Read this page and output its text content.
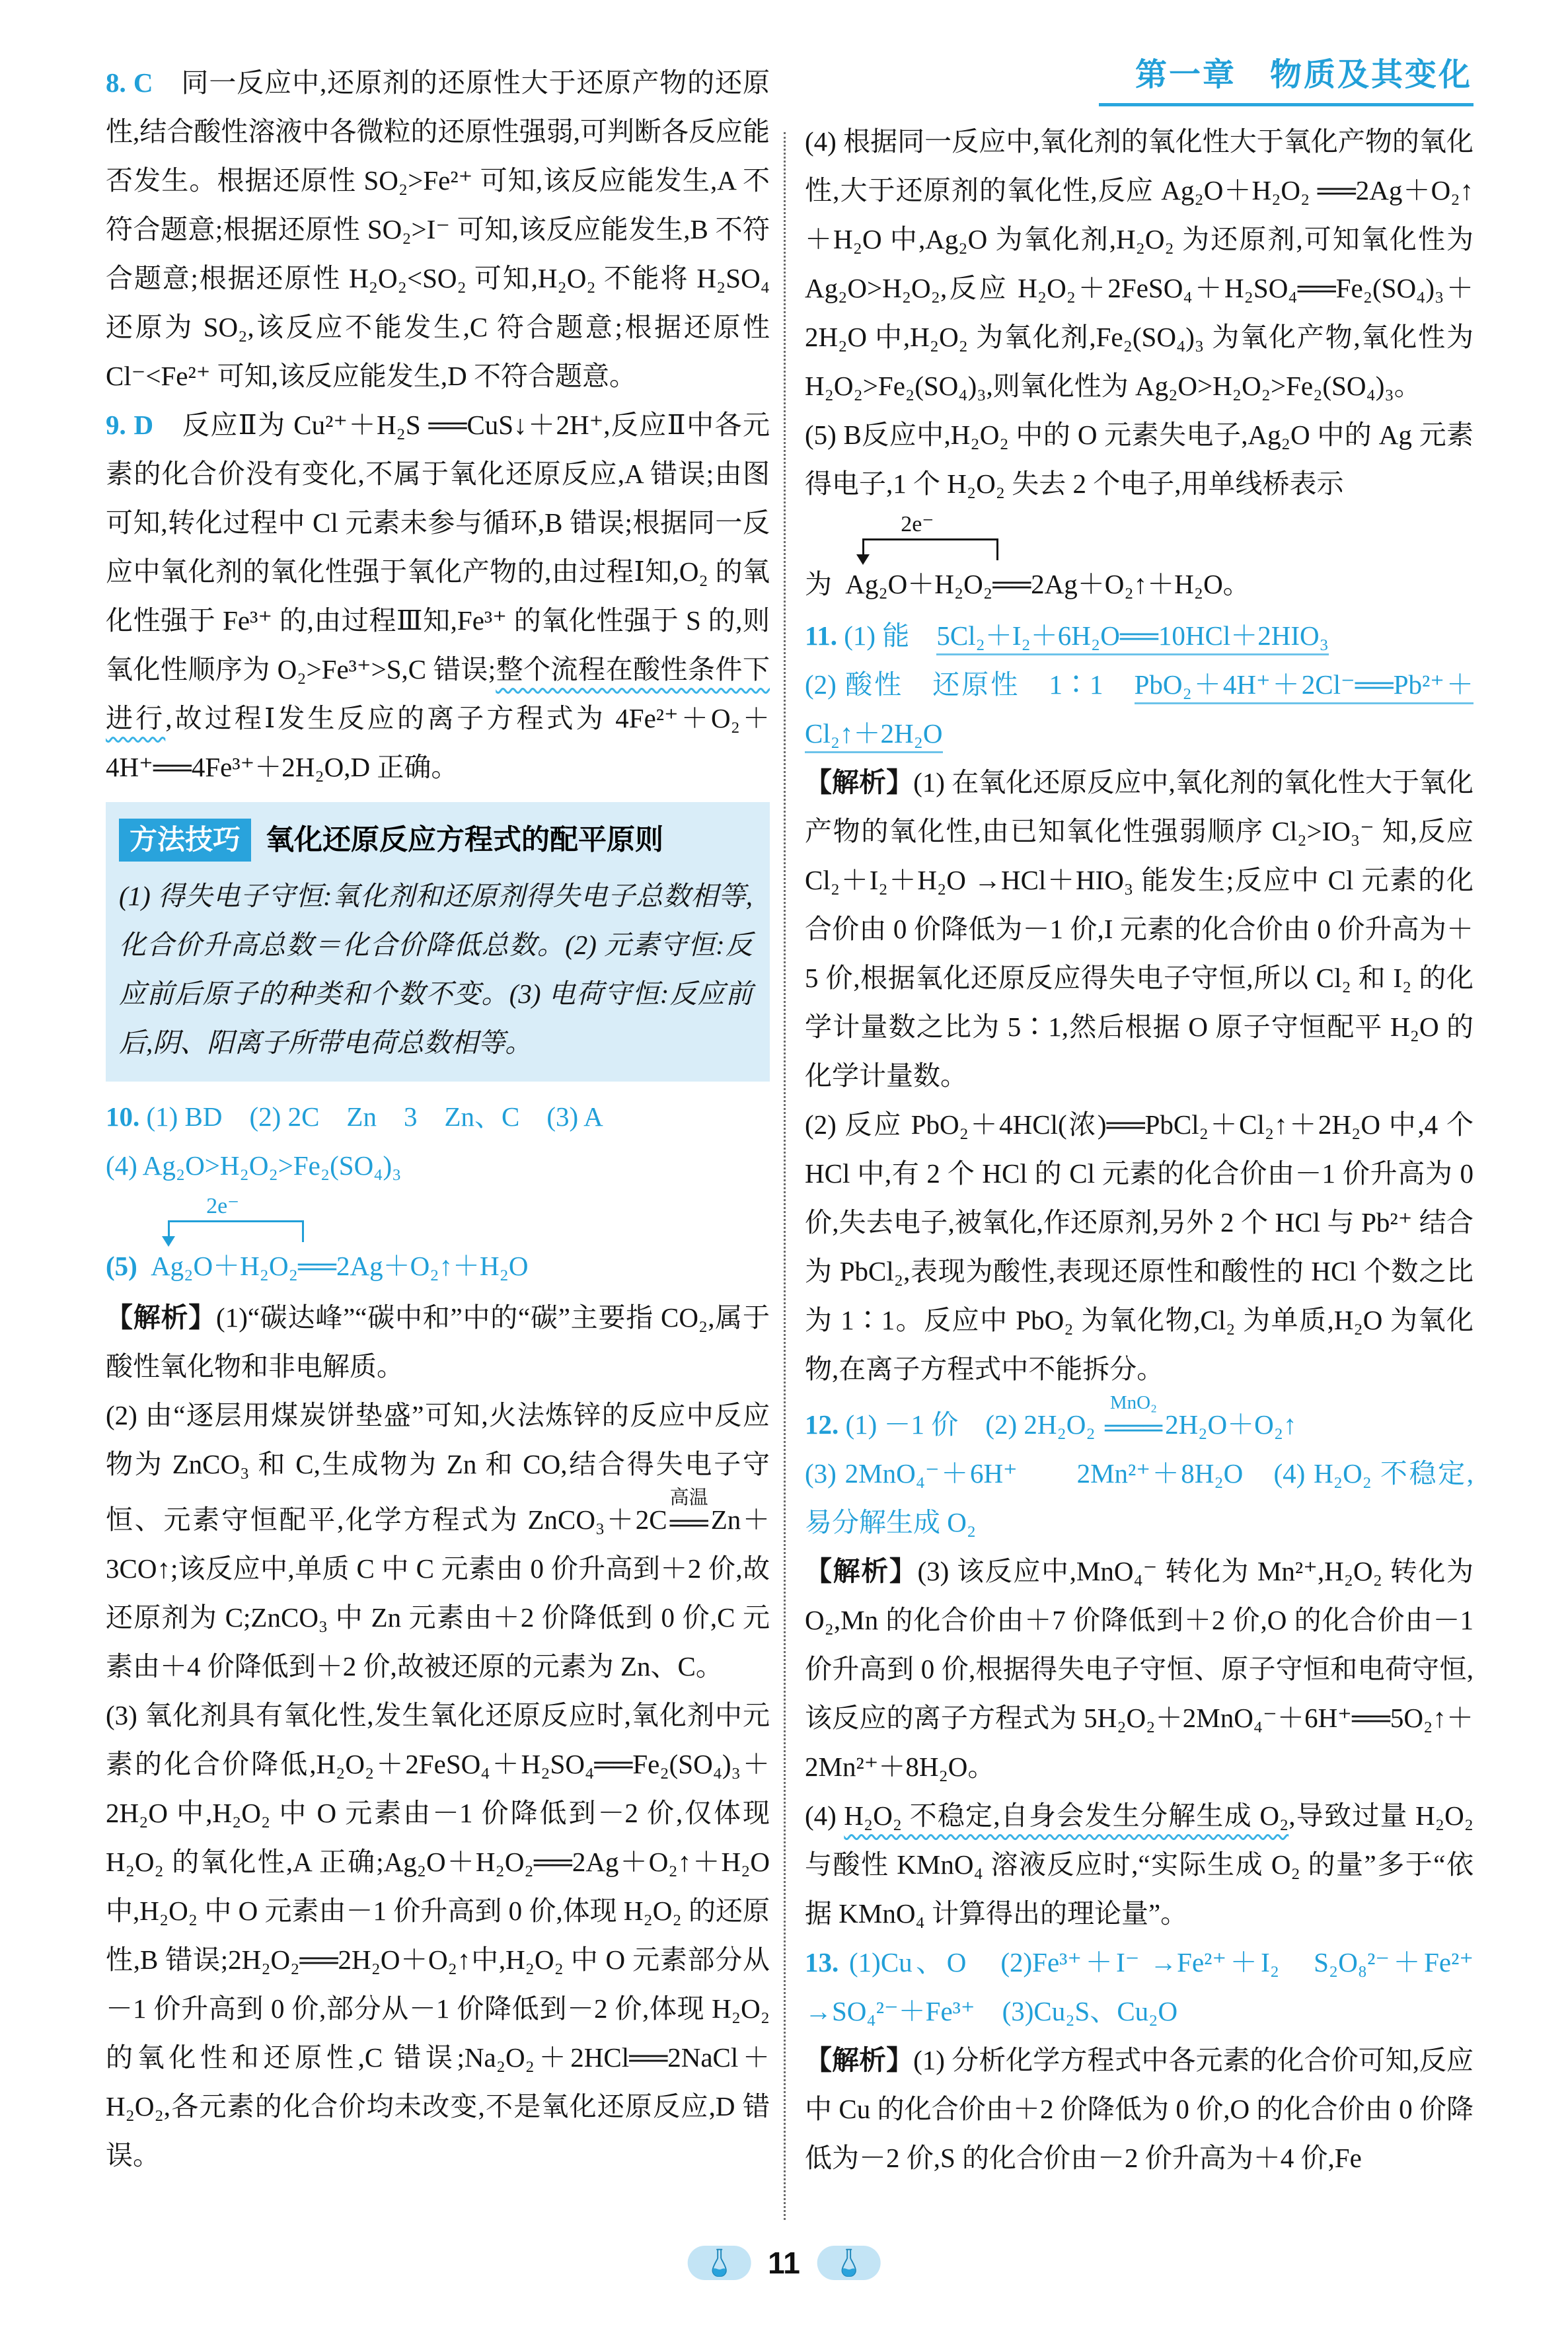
8. C　同一反应中,还原剂的还原性大于还原产物的还原性,结合酸性溶液中各微粒的还原性强弱,可判断各反应能否发生。根据还原性 SO₂>Fe²⁺ 可知,该反应能发生,A 不符合题意;根据还原性 SO₂>I⁻ 可知,该反应能发生,B 不符合题意;根据还原性 H₂O₂<SO₂ 可知,H₂O₂ 不能将 H₂SO₄ 还原为 SO₂,该反应不能发生,C 符合题意;根据还原性 Cl⁻<Fe²⁺ 可知,该反应能发生,D 不符合题意。

9. D　反应Ⅱ为 Cu²⁺＋H₂S ══CuS↓＋2H⁺,反应Ⅱ中各元素的化合价没有变化,不属于氧化还原反应,A 错误;由图可知,转化过程中 Cl 元素未参与循环,B 错误;根据同一反应中氧化剂的氧化性强于氧化产物的,由过程Ⅰ知,O₂ 的氧化性强于 Fe³⁺ 的,由过程Ⅲ知,Fe³⁺ 的氧化性强于 S 的,则氧化性顺序为 O₂>Fe³⁺>S,C 错误;整个流程在酸性条件下进行,故过程Ⅰ发生反应的离子方程式为 4Fe²⁺＋O₂＋4H⁺══4Fe³⁺＋2H₂O,D 正确。

方法技巧 氧化还原反应方程式的配平原则

(1) 得失电子守恒:氧化剂和还原剂得失电子总数相等,化合价升高总数＝化合价降低总数。(2) 元素守恒:反应前后原子的种类和个数不变。(3) 电荷守恒:反应前后,阴、阳离子所带电荷总数相等。

10. (1) BD　(2) 2C　Zn　3　Zn、C　(3) A

(4) Ag₂O>H₂O₂>Fe₂(SO₄)₃

(5)
2e⁻
Ag₂O＋H₂O₂══2Ag＋O₂↑＋H₂O

【解析】(1)“碳达峰”“碳中和”中的“碳”主要指 CO₂,属于酸性氧化物和非电解质。

(2) 由“逐层用煤炭饼垫盛”可知,火法炼锌的反应中反应物为 ZnCO₃ 和 C,生成物为 Zn 和 CO,结合得失电子守恒、元素守恒配平,化学方程式为 ZnCO₃＋2C
高温
══ Zn＋3CO↑;该反应中,单质 C 中 C 元素由 0 价升高到＋2 价,故还原剂为 C;ZnCO₃ 中 Zn 元素由＋2 价降低到 0 价,C 元素由＋4 价降低到＋2 价,故被还原的元素为 Zn、C。

(3) 氧化剂具有氧化性,发生氧化还原反应时,氧化剂中元素的化合价降低,H₂O₂＋2FeSO₄＋H₂SO₄══Fe₂(SO₄)₃＋2H₂O 中,H₂O₂ 中 O 元素由－1 价降低到－2 价,仅体现 H₂O₂ 的氧化性,A 正确;Ag₂O＋H₂O₂══2Ag＋O₂↑＋H₂O 中,H₂O₂ 中 O 元素由－1 价升高到 0 价,体现 H₂O₂ 的还原性,B 错误;2H₂O₂══2H₂O＋O₂↑中,H₂O₂ 中 O 元素部分从－1 价升高到 0 价,部分从－1 价降低到－2 价,体现 H₂O₂ 的氧化性和还原性,C 错误;Na₂O₂＋2HCl══2NaCl＋H₂O₂,各元素的化合价均未改变,不是氧化还原反应,D 错误。

第一章　物质及其变化

(4) 根据同一反应中,氧化剂的氧化性大于氧化产物的氧化性,大于还原剂的氧化性,反应 Ag₂O＋H₂O₂ ══2Ag＋O₂↑＋H₂O 中,Ag₂O 为氧化剂,H₂O₂ 为还原剂,可知氧化性为 Ag₂O>H₂O₂,反应 H₂O₂＋2FeSO₄＋H₂SO₄══Fe₂(SO₄)₃＋2H₂O 中,H₂O₂ 为氧化剂,Fe₂(SO₄)₃ 为氧化产物,氧化性为 H₂O₂>Fe₂(SO₄)₃,则氧化性为 Ag₂O>H₂O₂>Fe₂(SO₄)₃。

(5) B反应中,H₂O₂ 中的 O 元素失电子,Ag₂O 中的 Ag 元素得电子,1 个 H₂O₂ 失去 2 个电子,用单线桥表示

为
2e⁻
Ag₂O＋H₂O₂══2Ag＋O₂↑＋H₂O。

11. (1) 能　5Cl₂＋I₂＋6H₂O══10HCl＋2HIO₃

(2) 酸性　还原性　1∶1　PbO₂＋4H⁺＋2Cl⁻══Pb²⁺＋Cl₂↑＋2H₂O

【解析】(1) 在氧化还原反应中,氧化剂的氧化性大于氧化产物的氧化性,由已知氧化性强弱顺序 Cl₂>IO₃⁻ 知,反应 Cl₂＋I₂＋H₂O →HCl＋HIO₃ 能发生;反应中 Cl 元素的化合价由 0 价降低为－1 价,I 元素的化合价由 0 价升高为＋5 价,根据氧化还原反应得失电子守恒,所以 Cl₂ 和 I₂ 的化学计量数之比为 5∶1,然后根据 O 原子守恒配平 H₂O 的化学计量数。

(2) 反应 PbO₂＋4HCl(浓)══PbCl₂＋Cl₂↑＋2H₂O 中,4 个 HCl 中,有 2 个 HCl 的 Cl 元素的化合价由－1 价升高为 0 价,失去电子,被氧化,作还原剂,另外 2 个 HCl 与 Pb²⁺ 结合为 PbCl₂,表现为酸性,表现还原性和酸性的 HCl 个数之比为 1∶1。反应中 PbO₂ 为氧化物,Cl₂ 为单质,H₂O 为氧化物,在离子方程式中不能拆分。

12. (1) －1 价　(2) 2H₂O₂
MnO₂
═══ 2H₂O＋O₂↑

(3) 2MnO₄⁻＋6H⁺　　2Mn²⁺＋8H₂O　(4) H₂O₂ 不稳定,易分解生成 O₂

【解析】(3) 该反应中,MnO₄⁻ 转化为 Mn²⁺,H₂O₂ 转化为 O₂,Mn 的化合价由＋7 价降低到＋2 价,O 的化合价由－1 价升高到 0 价,根据得失电子守恒、原子守恒和电荷守恒,该反应的离子方程式为 5H₂O₂＋2MnO₄⁻＋6H⁺══5O₂↑＋2Mn²⁺＋8H₂O。

(4) H₂O₂ 不稳定,自身会发生分解生成 O₂,导致过量 H₂O₂ 与酸性 KMnO₄ 溶液反应时,“实际生成 O₂ 的量”多于“依据 KMnO₄ 计算得出的理论量”。

13. (1)Cu、O　(2)Fe³⁺＋I⁻ →Fe²⁺＋I₂　S₂O₈²⁻＋Fe²⁺ →SO₄²⁻＋Fe³⁺　(3)Cu₂S、Cu₂O

【解析】(1) 分析化学方程式中各元素的化合价可知,反应中 Cu 的化合价由＋2 价降低为 0 价,O 的化合价由 0 价降低为－2 价,S 的化合价由－2 价升高为＋4 价,Fe

11
